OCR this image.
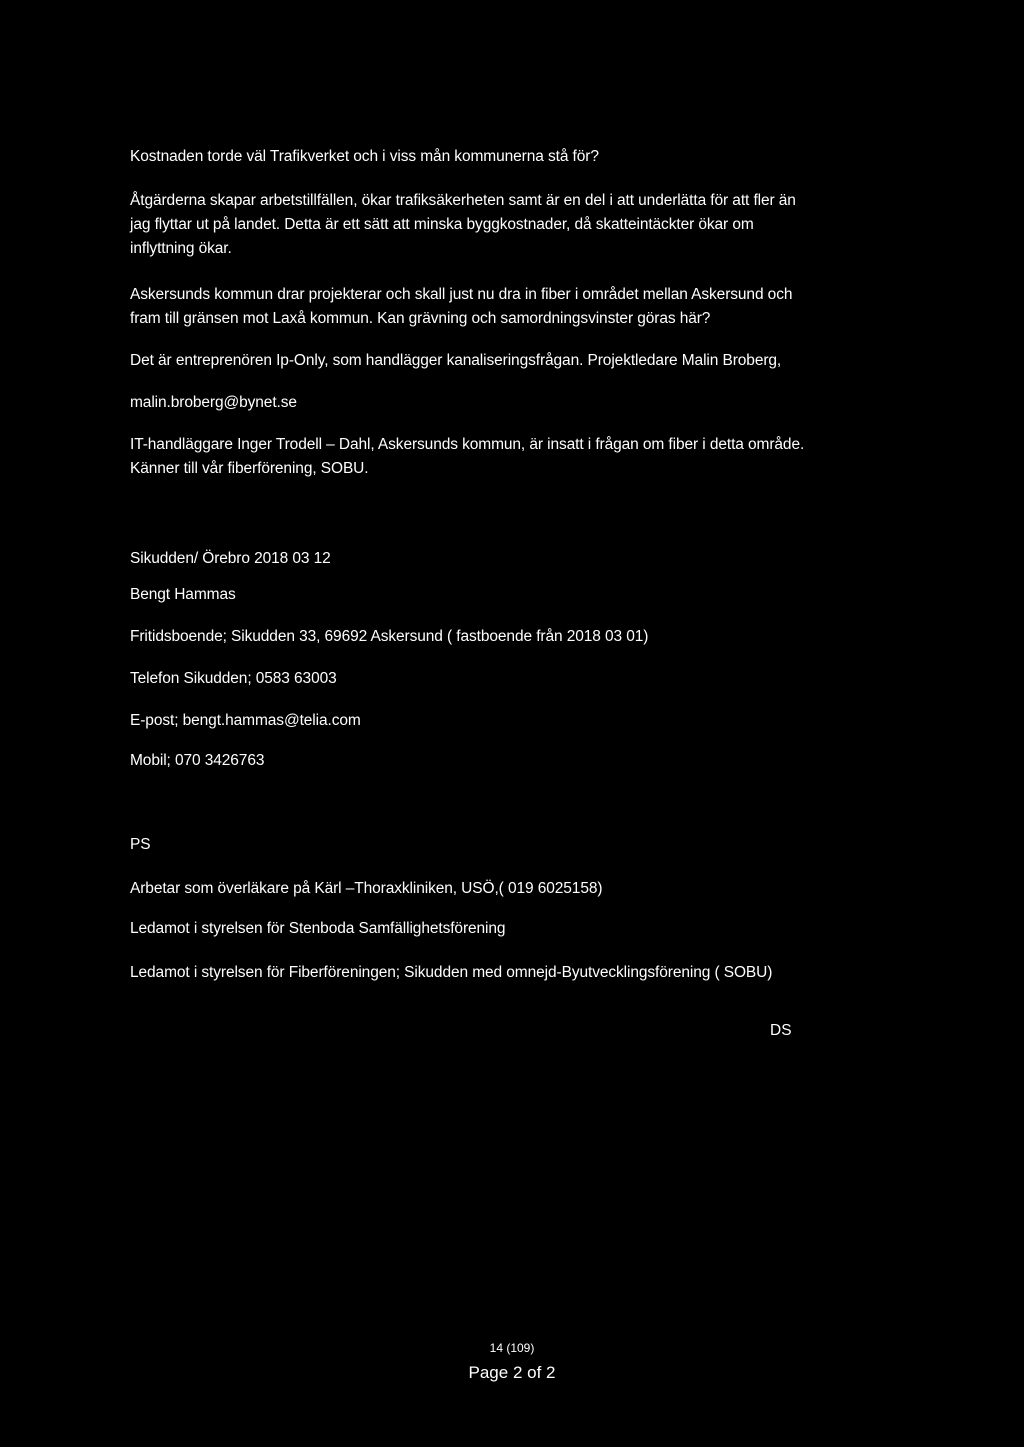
Kostnaden torde väl Trafikverket och i viss mån kommunerna stå för?

Åtgärderna skapar arbetstillfällen, ökar trafiksäkerheten samt är en del i att underlätta för att fler än

jag flyttar ut på landet. Detta är ett sätt att minska byggkostnader, då skatteintäckter ökar om

inflyttning ökar.

Askersunds kommun drar projekterar och skall just nu dra in fiber i området mellan Askersund och

fram till gränsen mot Laxå kommun. Kan grävning och samordningsvinster göras här?

Det är entreprenören Ip-Only, som handlägger kanaliseringsfrågan. Projektledare Malin Broberg,

malin.broberg@bynet.se

IT-handläggare Inger Trodell – Dahl, Askersunds kommun, är insatt i frågan om fiber i detta område.

Känner till vår fiberförening, SOBU.

Sikudden/ Örebro 2018 03 12

Bengt Hammas

Fritidsboende; Sikudden 33, 69692 Askersund ( fastboende från 2018 03 01)

Telefon Sikudden; 0583 63003

E-post; bengt.hammas@telia.com

Mobil; 070 3426763

PS

Arbetar som överläkare på Kärl –Thoraxkliniken, USÖ,( 019 6025158)

Ledamot i styrelsen för Stenboda Samfällighetsförening

Ledamot i styrelsen för Fiberföreningen; Sikudden med omnejd-Byutvecklingsförening ( SOBU)

DS

14 (109)
Page 2 of 2
